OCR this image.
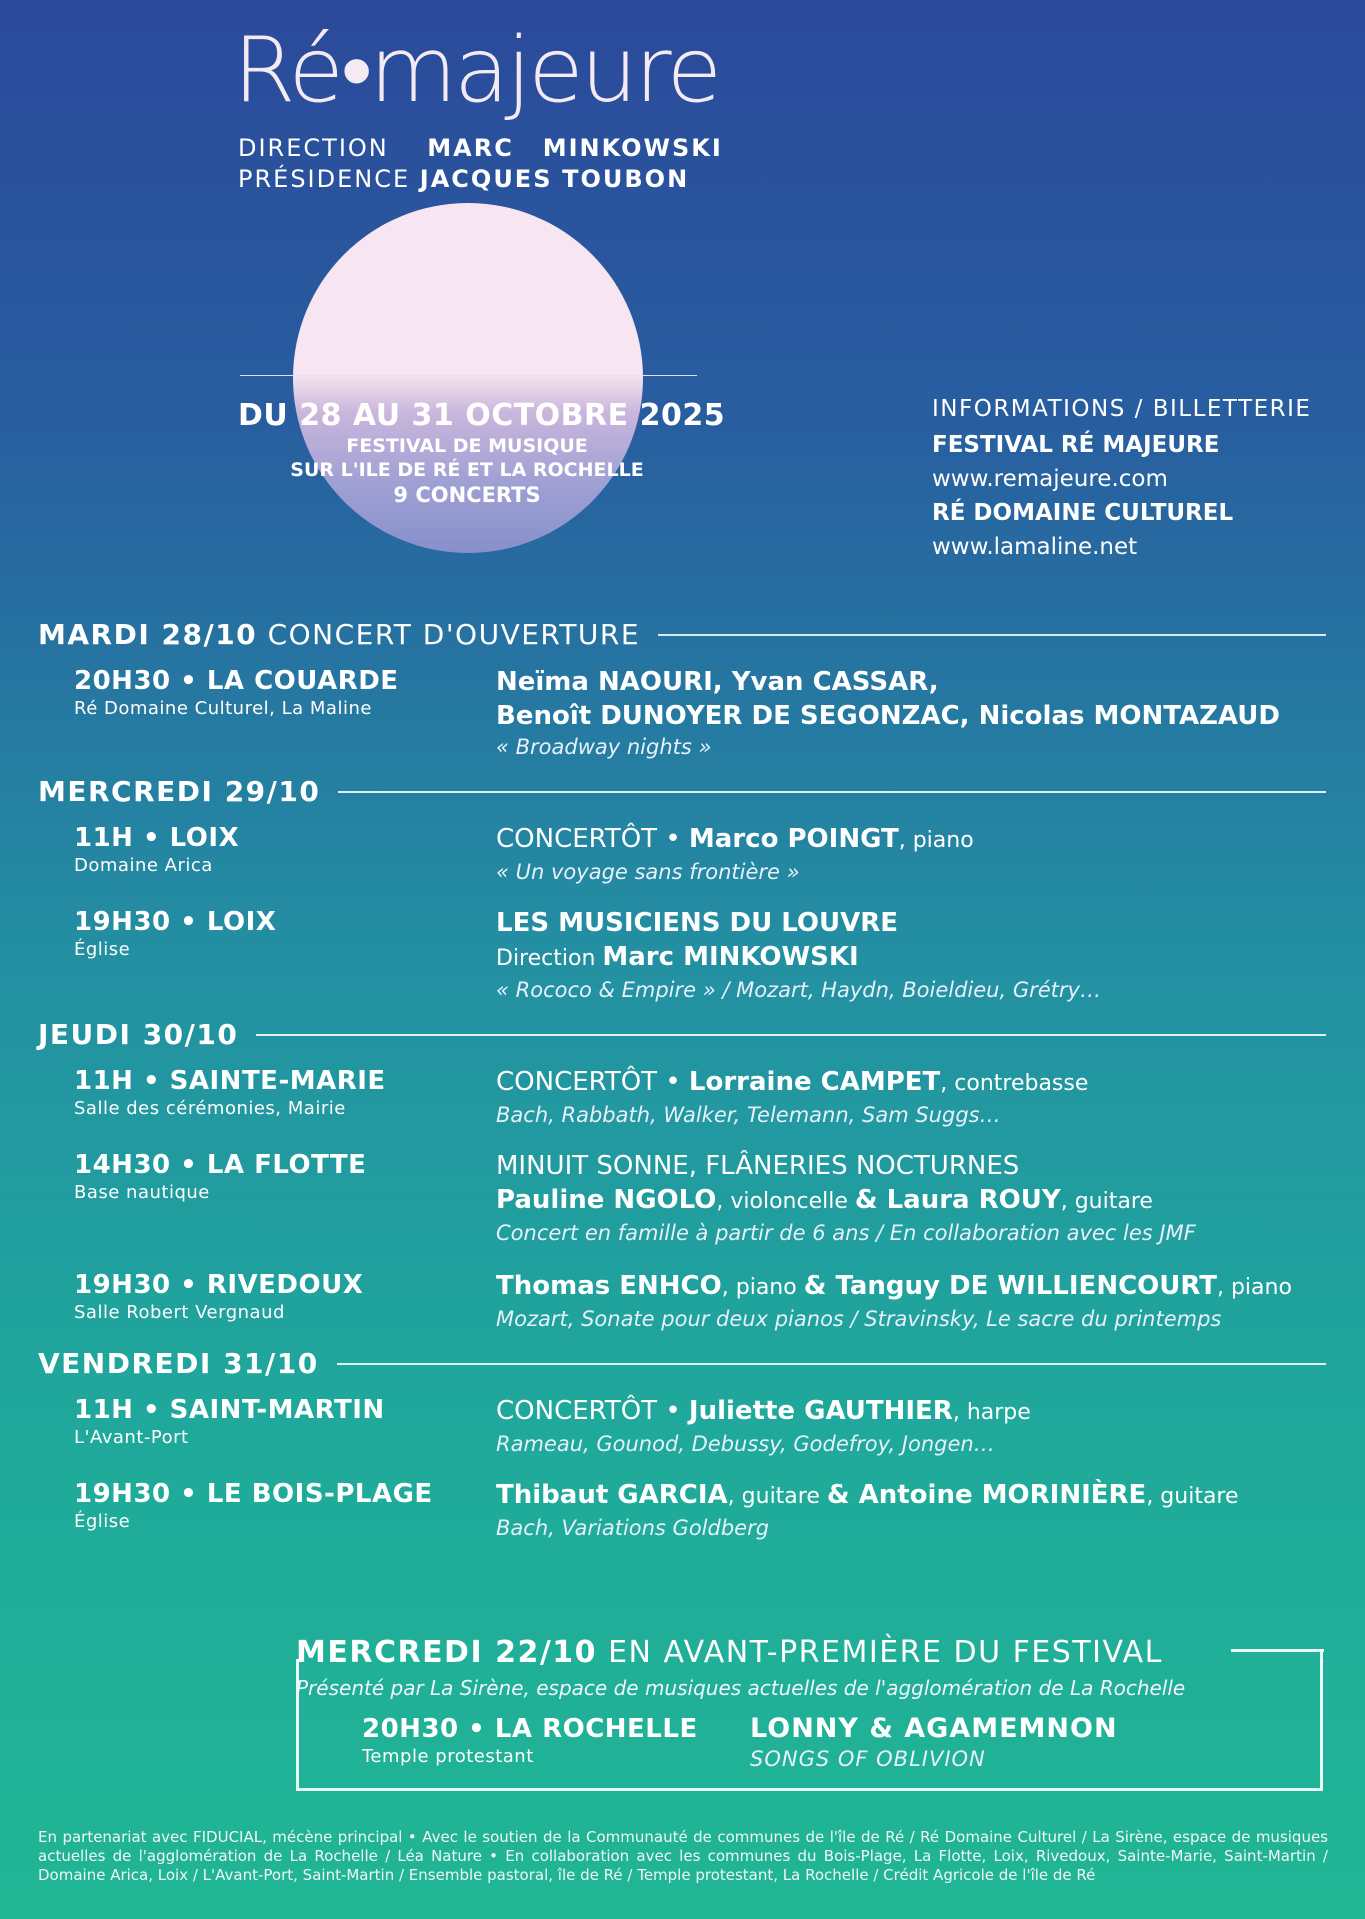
Ré•majeure
DIRECTION MARC MINKOWSKI
PRÉSIDENCE JACQUES TOUBON
DU 28 AU 31 OCTOBRE 2025
FESTIVAL DE MUSIQUE
SUR L'ILE DE RÉ ET LA ROCHELLE
9 CONCERTS
INFORMATIONS / BILLETTERIE
FESTIVAL RÉ MAJEURE
www.remajeure.com
RÉ DOMAINE CULTUREL
www.lamaline.net
MARDI 28/10 CONCERT D'OUVERTURE
20H30 • LA COUARDE
Ré Domaine Culturel, La Maline
Neïma NAOURI, Yvan CASSAR,
Benoît DUNOYER DE SEGONZAC, Nicolas MONTAZAUD
« Broadway nights »
MERCREDI 29/10
11H • LOIX
Domaine Arica
CONCERTÔT • Marco POINGT, piano
« Un voyage sans frontière »
19H30 • LOIX
Église
LES MUSICIENS DU LOUVRE
Direction Marc MINKOWSKI
« Rococo & Empire » / Mozart, Haydn, Boieldieu, Grétry…
JEUDI 30/10
11H • SAINTE-MARIE
Salle des cérémonies, Mairie
CONCERTÔT • Lorraine CAMPET, contrebasse
Bach, Rabbath, Walker, Telemann, Sam Suggs…
14H30 • LA FLOTTE
Base nautique
MINUIT SONNE, FLÂNERIES NOCTURNES
Pauline NGOLO, violoncelle & Laura ROUY, guitare
Concert en famille à partir de 6 ans / En collaboration avec les JMF
19H30 • RIVEDOUX
Salle Robert Vergnaud
Thomas ENHCO, piano & Tanguy DE WILLIENCOURT, piano
Mozart, Sonate pour deux pianos / Stravinsky, Le sacre du printemps
VENDREDI 31/10
11H • SAINT-MARTIN
L'Avant-Port
CONCERTÔT • Juliette GAUTHIER, harpe
Rameau, Gounod, Debussy, Godefroy, Jongen…
19H30 • LE BOIS-PLAGE
Église
Thibaut GARCIA, guitare & Antoine MORINIÈRE, guitare
Bach, Variations Goldberg
MERCREDI 22/10 EN AVANT-PREMIÈRE DU FESTIVAL
Présenté par La Sirène, espace de musiques actuelles de l'agglomération de La Rochelle
20H30 • LA ROCHELLE
Temple protestant
LONNY & AGAMEMNON
SONGS OF OBLIVION
En partenariat avec FIDUCIAL, mécène principal • Avec le soutien de la Communauté de communes de l'île de Ré / Ré Domaine Culturel / La Sirène, espace de musiques actuelles de l'agglomération de La Rochelle / Léa Nature • En collaboration avec les communes du Bois-Plage, La Flotte, Loix, Rivedoux, Sainte-Marie, Saint-Martin / Domaine Arica, Loix / L'Avant-Port, Saint-Martin / Ensemble pastoral, île de Ré / Temple protestant, La Rochelle / Crédit Agricole de l'île de Ré
